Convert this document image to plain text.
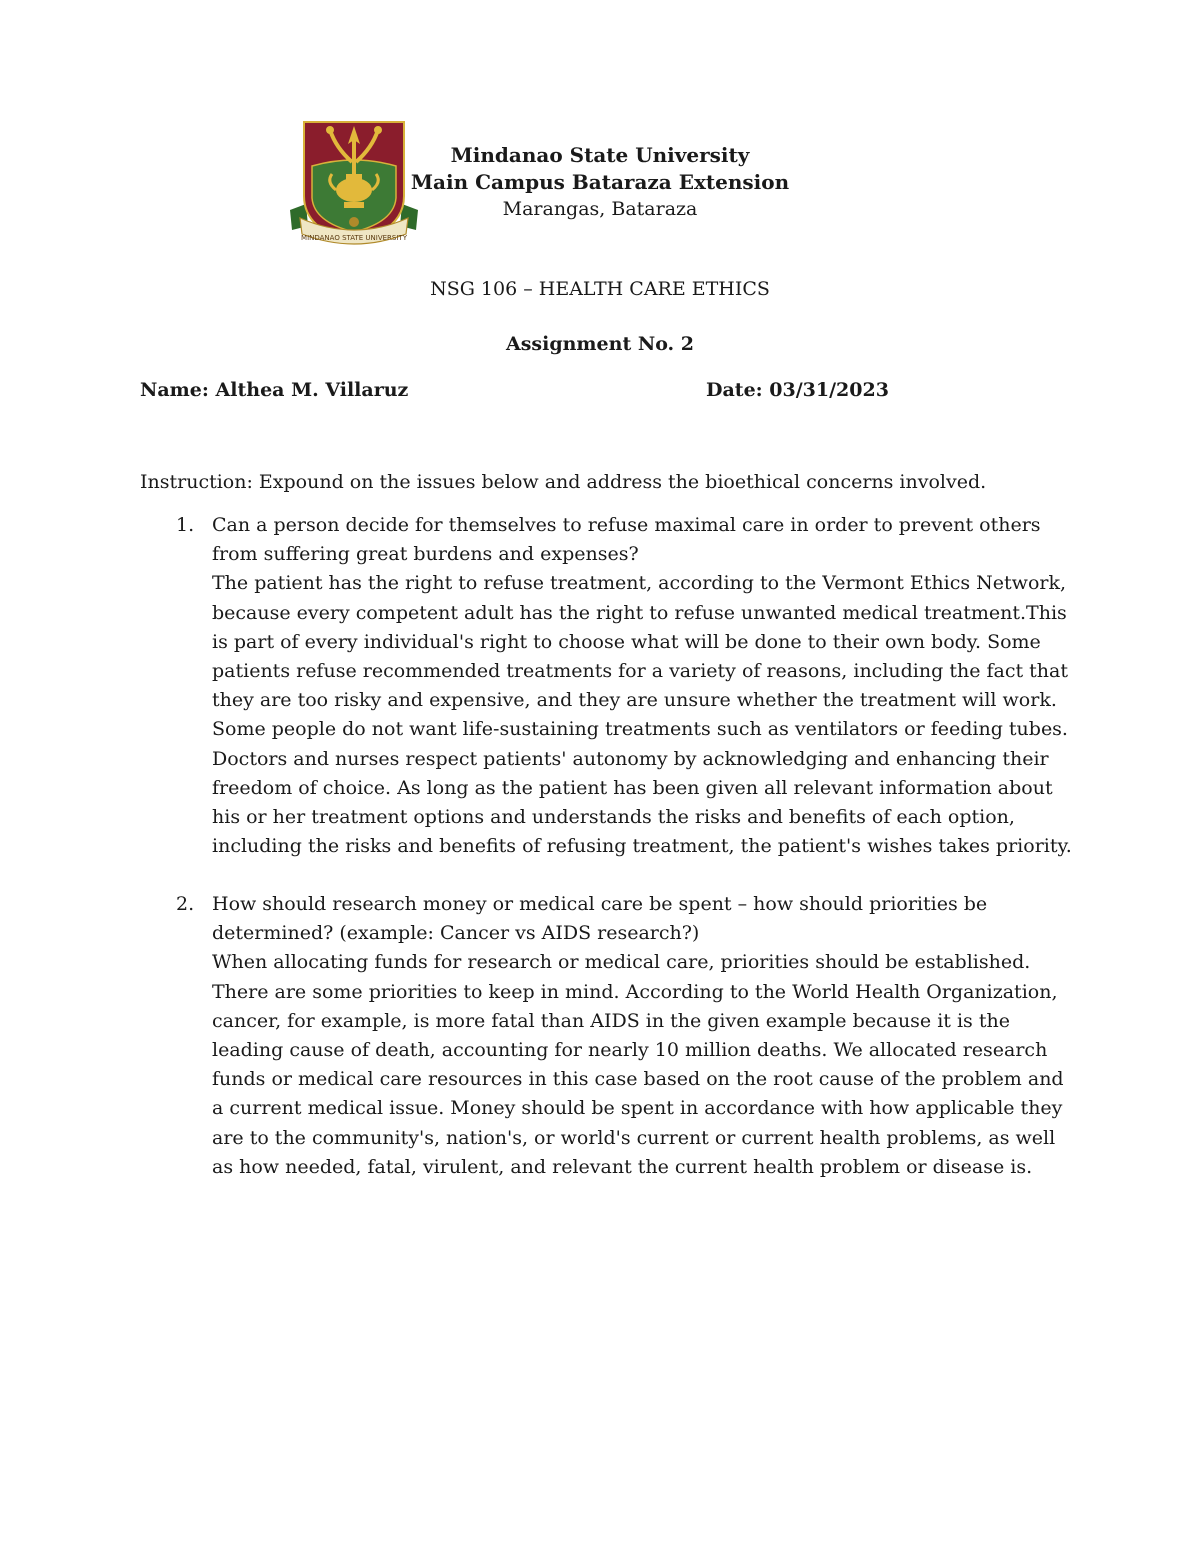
MINDANAO STATE UNIVERSITY
Mindanao State University
Main Campus Bataraza Extension
Marangas, Bataraza
NSG 106 – HEALTH CARE ETHICS
Assignment No. 2
Name: Althea M. Villaruz	Date: 03/31/2023
Instruction: Expound on the issues below and address the bioethical concerns involved.
1. Can a person decide for themselves to refuse maximal care in order to prevent others from suffering great burdens and expenses?
The patient has the right to refuse treatment, according to the Vermont Ethics Network, because every competent adult has the right to refuse unwanted medical treatment.This is part of every individual's right to choose what will be done to their own body. Some patients refuse recommended treatments for a variety of reasons, including the fact that they are too risky and expensive, and they are unsure whether the treatment will work. Some people do not want life-sustaining treatments such as ventilators or feeding tubes. Doctors and nurses respect patients' autonomy by acknowledging and enhancing their freedom of choice. As long as the patient has been given all relevant information about his or her treatment options and understands the risks and benefits of each option, including the risks and benefits of refusing treatment, the patient's wishes takes priority.
2. How should research money or medical care be spent – how should priorities be determined? (example: Cancer vs AIDS research?)
When allocating funds for research or medical care, priorities should be established. There are some priorities to keep in mind. According to the World Health Organization, cancer, for example, is more fatal than AIDS in the given example because it is the leading cause of death, accounting for nearly 10 million deaths. We allocated research funds or medical care resources in this case based on the root cause of the problem and a current medical issue. Money should be spent in accordance with how applicable they are to the community's, nation's, or world's current or current health problems, as well as how needed, fatal, virulent, and relevant the current health problem or disease is.
